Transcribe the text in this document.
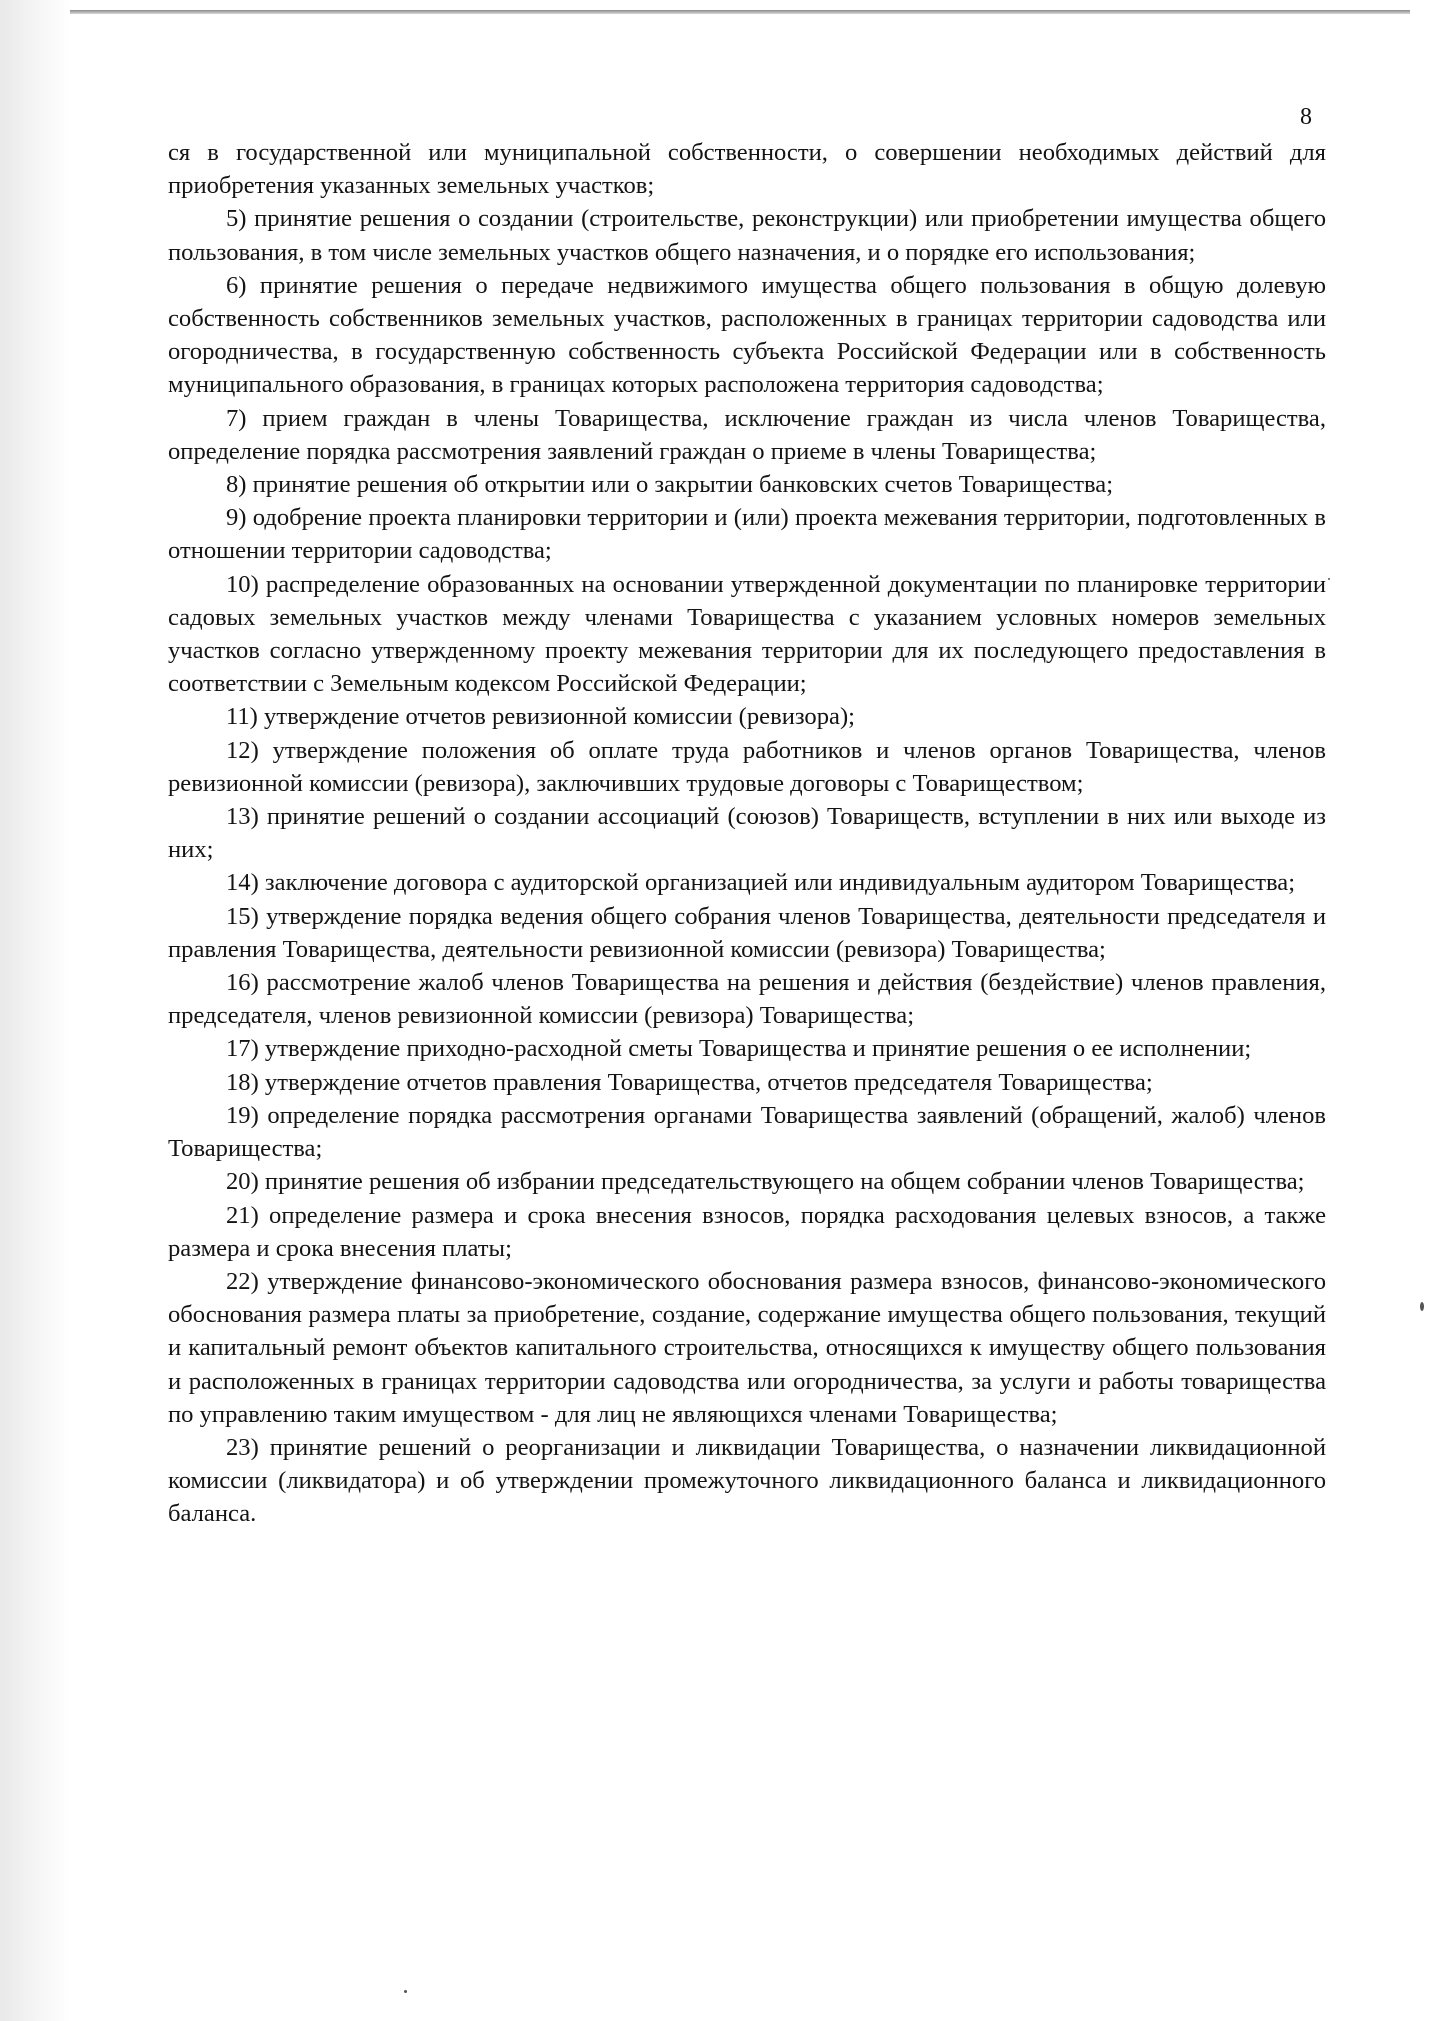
8

ся в государственной или муниципальной собственности, о совершении необходимых действий для приобретения указанных земельных участков;

5) принятие решения о создании (строительстве, реконструкции) или приобретении имущества общего пользования, в том числе земельных участков общего назначения, и о порядке его использования;

6) принятие решения о передаче недвижимого имущества общего пользования в общую долевую собственность собственников земельных участков, расположенных в границах территории садоводства или огородничества, в государственную собственность субъекта Российской Федерации или в собственность муниципального образования, в границах которых расположена территория садоводства;

7) прием граждан в члены Товарищества, исключение граждан из числа членов Товарищества, определение порядка рассмотрения заявлений граждан о приеме в члены Товарищества;

8) принятие решения об открытии или о закрытии банковских счетов Товарищества;

9) одобрение проекта планировки территории и (или) проекта межевания территории, подготовленных в отношении территории садоводства;

10) распределение образованных на основании утвержденной документации по планировке территории садовых земельных участков между членами Товарищества с указанием условных номеров земельных участков согласно утвержденному проекту межевания территории для их последующего предоставления в соответствии с Земельным кодексом Российской Федерации;

11) утверждение отчетов ревизионной комиссии (ревизора);

12) утверждение положения об оплате труда работников и членов органов Товарищества, членов ревизионной комиссии (ревизора), заключивших трудовые договоры с Товариществом;

13) принятие решений о создании ассоциаций (союзов) Товариществ, вступлении в них или выходе из них;

14) заключение договора с аудиторской организацией или индивидуальным аудитором Товарищества;

15) утверждение порядка ведения общего собрания членов Товарищества, деятельности председателя и правления Товарищества, деятельности ревизионной комиссии (ревизора) Товарищества;

16) рассмотрение жалоб членов Товарищества на решения и действия (бездействие) членов правления, председателя, членов ревизионной комиссии (ревизора) Товарищества;

17) утверждение приходно-расходной сметы Товарищества и принятие решения о ее исполнении;

18) утверждение отчетов правления Товарищества, отчетов председателя Товарищества;

19) определение порядка рассмотрения органами Товарищества заявлений (обращений, жалоб) членов Товарищества;

20) принятие решения об избрании председательствующего на общем собрании членов Товарищества;

21) определение размера и срока внесения взносов, порядка расходования целевых взносов, а также размера и срока внесения платы;

22) утверждение финансово-экономического обоснования размера взносов, финансово-экономического обоснования размера платы за приобретение, создание, содержание имущества общего пользования, текущий и капитальный ремонт объектов капитального строительства, относящихся к имуществу общего пользования и расположенных в границах территории садоводства или огородничества, за услуги и работы товарищества по управлению таким имуществом - для лиц не являющихся членами Товарищества;

23) принятие решений о реорганизации и ликвидации Товарищества, о назначении ликвидационной комиссии (ликвидатора) и об утверждении промежуточного ликвидационного баланса и ликвидационного баланса.
